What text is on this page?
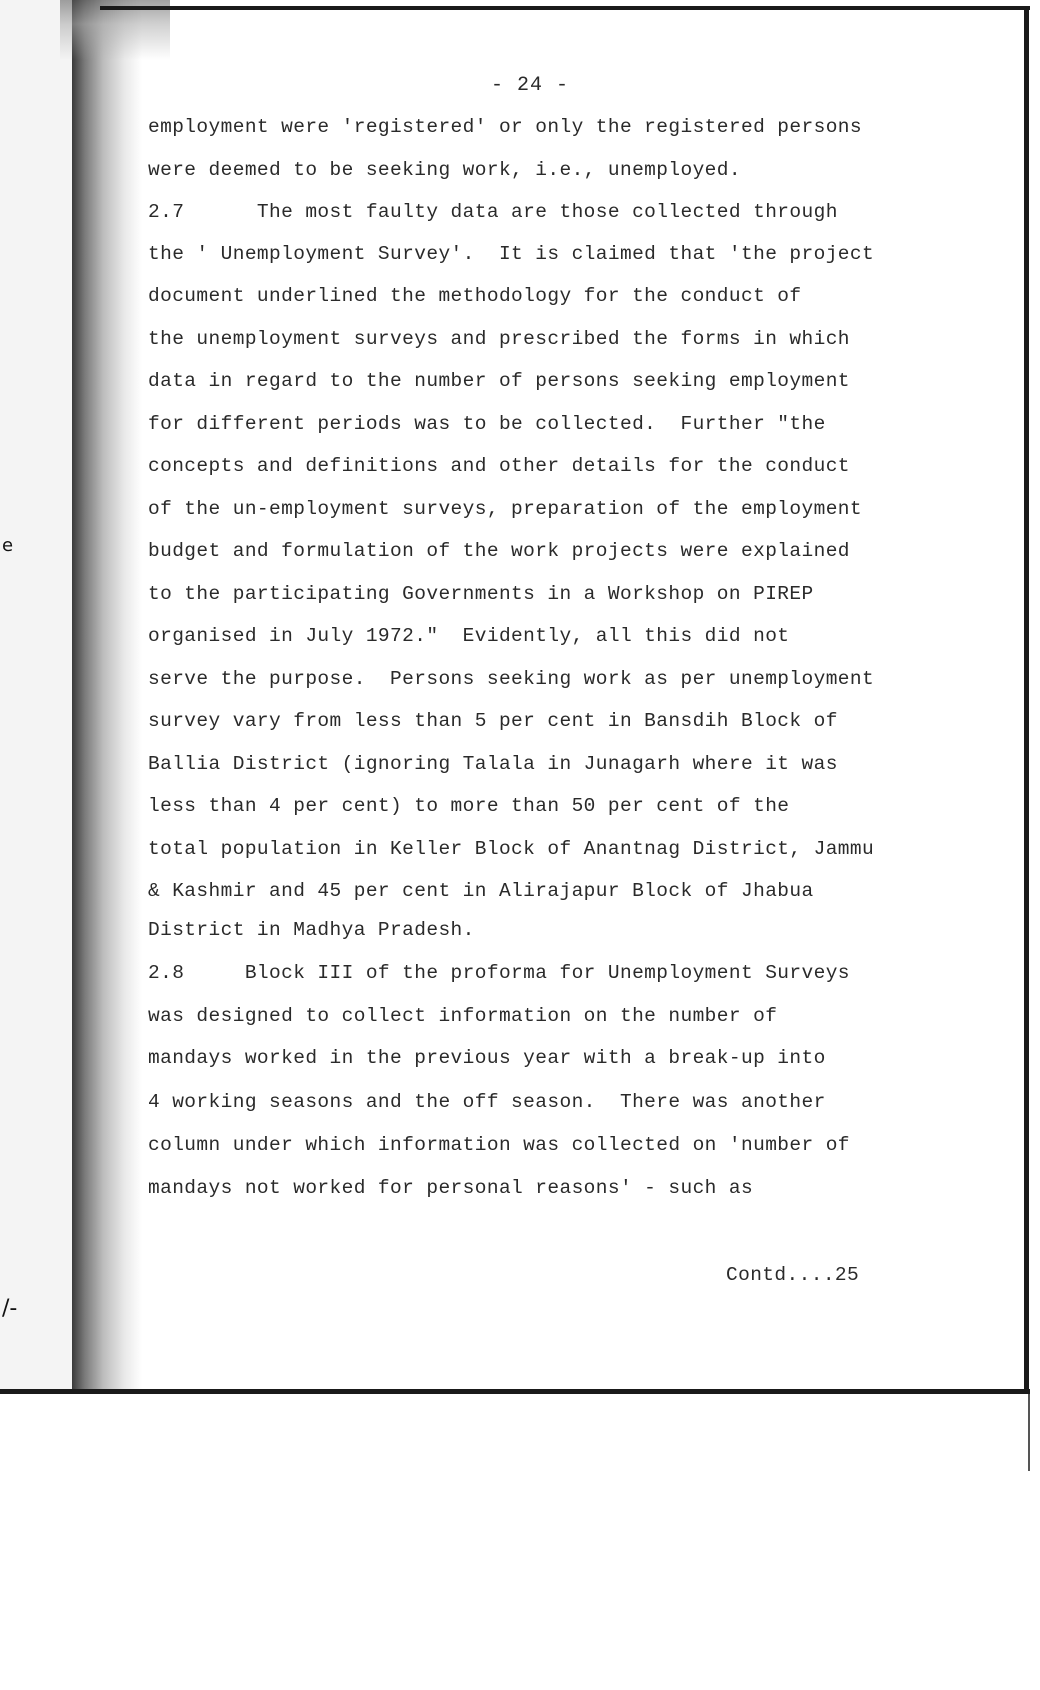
e
/-
- 24 -
employment were 'registered' or only the registered persons
were deemed to be seeking work, i.e., unemployed.
2.7      The most faulty data are those collected through
the ' Unemployment Survey'.  It is claimed that 'the project
document underlined the methodology for the conduct of
the unemployment surveys and prescribed the forms in which
data in regard to the number of persons seeking employment
for different periods was to be collected.  Further "the
concepts and definitions and other details for the conduct
of the un-employment surveys, preparation of the employment
budget and formulation of the work projects were explained
to the participating Governments in a Workshop on PIREP
organised in July 1972."  Evidently, all this did not
serve the purpose.  Persons seeking work as per unemployment
survey vary from less than 5 per cent in Bansdih Block of
Ballia District (ignoring Talala in Junagarh where it was
less than 4 per cent) to more than 50 per cent of the
total population in Keller Block of Anantnag District, Jammu
& Kashmir and 45 per cent in Alirajapur Block of Jhabua
District in Madhya Pradesh.
2.8     Block III of the proforma for Unemployment Surveys
was designed to collect information on the number of
mandays worked in the previous year with a break-up into
4 working seasons and the off season.  There was another
column under which information was collected on 'number of
mandays not worked for personal reasons' - such as
Contd....25
